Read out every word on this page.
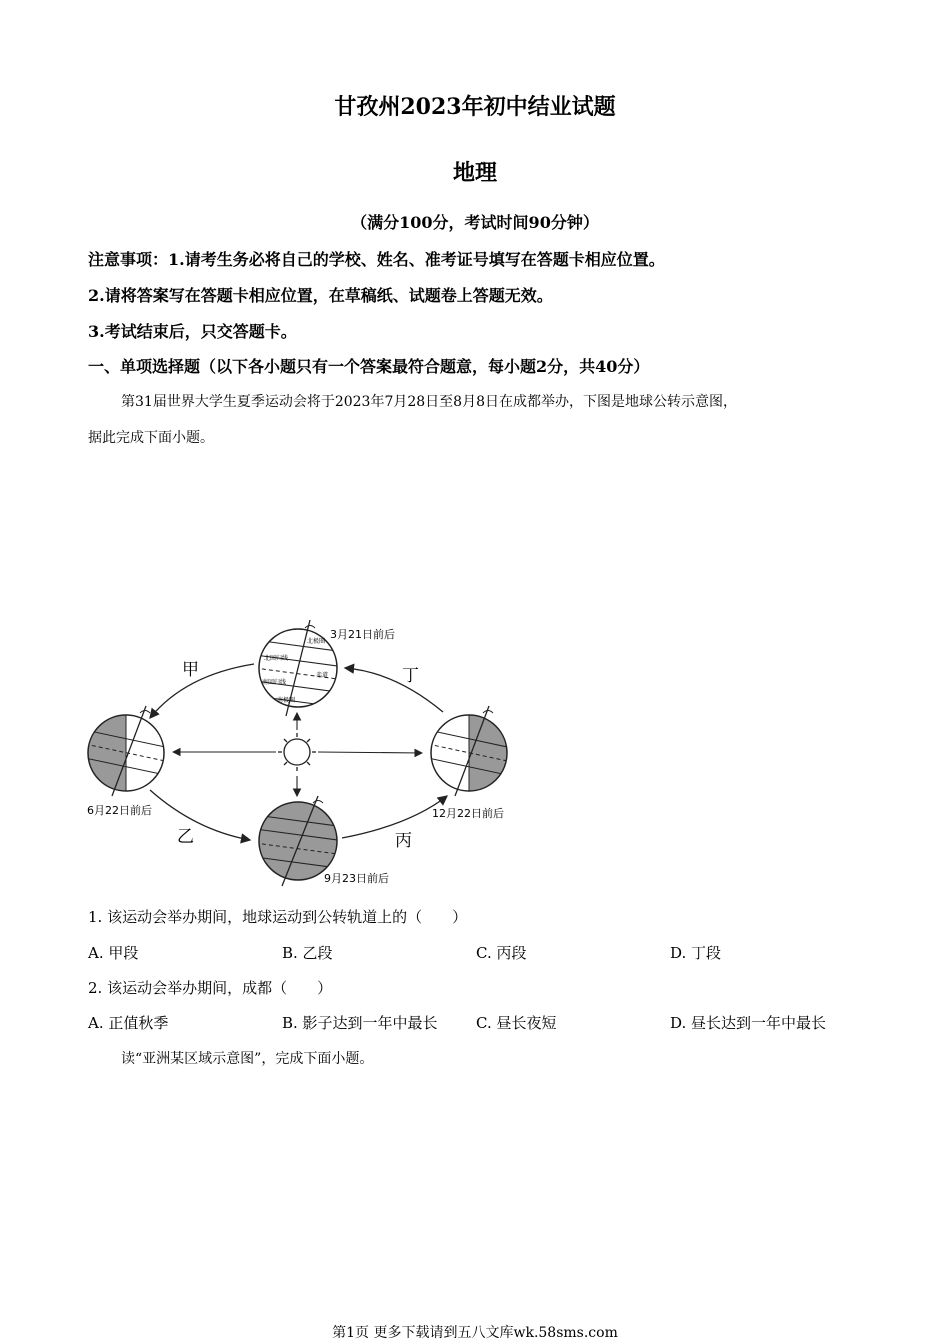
甘孜州2023年初中结业试题
地理
（满分100分，考试时间90分钟）
注意事项：1.请考生务必将自己的学校、姓名、准考证号填写在答题卡相应位置。
2.请将答案写在答题卡相应位置，在草稿纸、试题卷上答题无效。
3.考试结束后，只交答题卡。
一、单项选择题（以下各小题只有一个答案最符合题意，每小题2分，共40分）
第31届世界大学生夏季运动会将于2023年7月28日至8月8日在成都举办，下图是地球公转示意图，
据此完成下面小题。
北极圈
北回归线
赤道
南回归线
南极圈
甲
乙	丙
丁
3月21日前后
6月22日前后
9月23日前后
12月22日前后
1. 该运动会举办期间，地球运动到公转轨道上的（　　）
A. 甲段	B. 乙段	C. 丙段	D. 丁段
2. 该运动会举办期间，成都（　　）
A. 正值秋季	B. 影子达到一年中最长	C. 昼长夜短	D. 昼长达到一年中最长
读“亚洲某区域示意图”，完成下面小题。
第1页 更多下载请到五八文库wk.58sms.com
